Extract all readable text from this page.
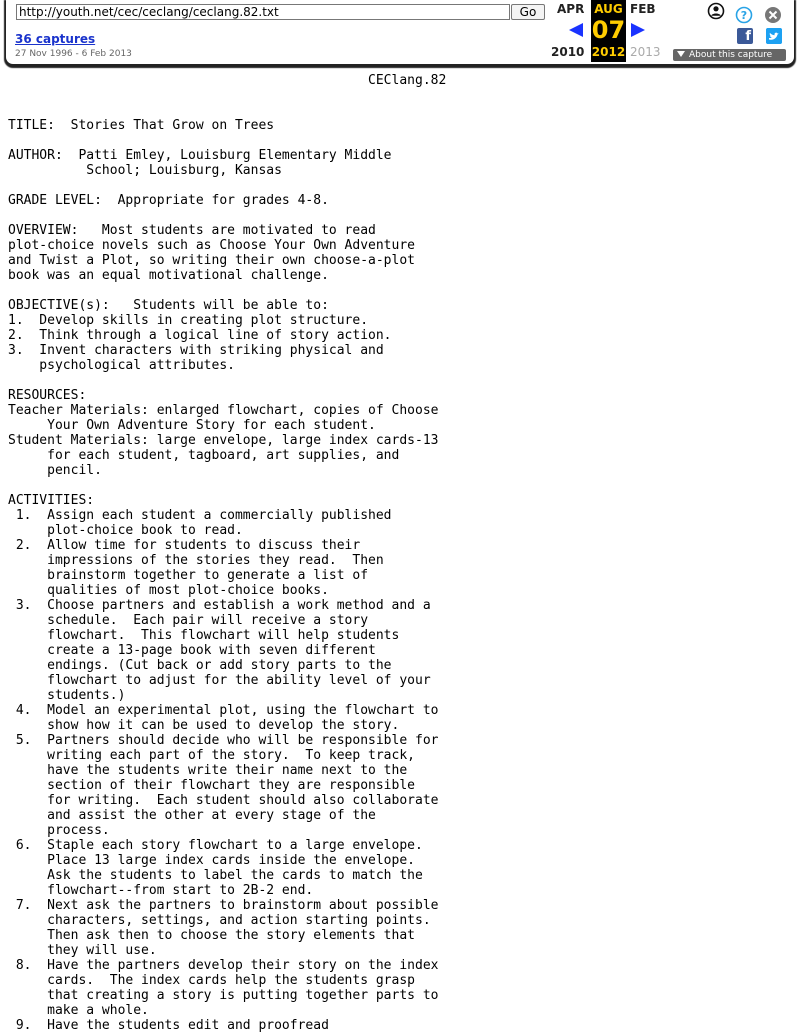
http://youth.net/cec/ceclang/ceclang.82.txt
Go
36 captures
27 Nov 1996 - 6 Feb 2013
APR
2010
AUG
07
2012
FEB
2013
?
f
About this capture
CEClang.82

TITLE:  Stories That Grow on Trees

AUTHOR:  Patti Emley, Louisburg Elementary Middle
School; Louisburg, Kansas

GRADE LEVEL:  Appropriate for grades 4-8.

OVERVIEW:   Most students are motivated to read
plot-choice novels such as Choose Your Own Adventure
and Twist a Plot, so writing their own choose-a-plot
book was an equal motivational challenge.

OBJECTIVE(s):   Students will be able to:
1.  Develop skills in creating plot structure.
2.  Think through a logical line of story action.
3.  Invent characters with striking physical and
psychological attributes.

RESOURCES:
Teacher Materials: enlarged flowchart, copies of Choose
Your Own Adventure Story for each student.
Student Materials: large envelope, large index cards-13
for each student, tagboard, art supplies, and
pencil.

ACTIVITIES:
1.  Assign each student a commercially published
plot-choice book to read.
2.  Allow time for students to discuss their
impressions of the stories they read.  Then
brainstorm together to generate a list of
qualities of most plot-choice books.
3.  Choose partners and establish a work method and a
schedule.  Each pair will receive a story
flowchart.  This flowchart will help students
create a 13-page book with seven different
endings. (Cut back or add story parts to the
flowchart to adjust for the ability level of your
students.)
4.  Model an experimental plot, using the flowchart to
show how it can be used to develop the story.
5.  Partners should decide who will be responsible for
writing each part of the story.  To keep track,
have the students write their name next to the
section of their flowchart they are responsible
for writing.  Each student should also collaborate
and assist the other at every stage of the
process.
6.  Staple each story flowchart to a large envelope.
Place 13 large index cards inside the envelope.
Ask the students to label the cards to match the
flowchart--from start to 2B-2 end.
7.  Next ask the partners to brainstorm about possible
characters, settings, and action starting points.
Then ask then to choose the story elements that
they will use.
8.  Have the partners develop their story on the index
cards.  The index cards help the students grasp
that creating a story is putting together parts to
make a whole.
9.  Have the students edit and proofread
